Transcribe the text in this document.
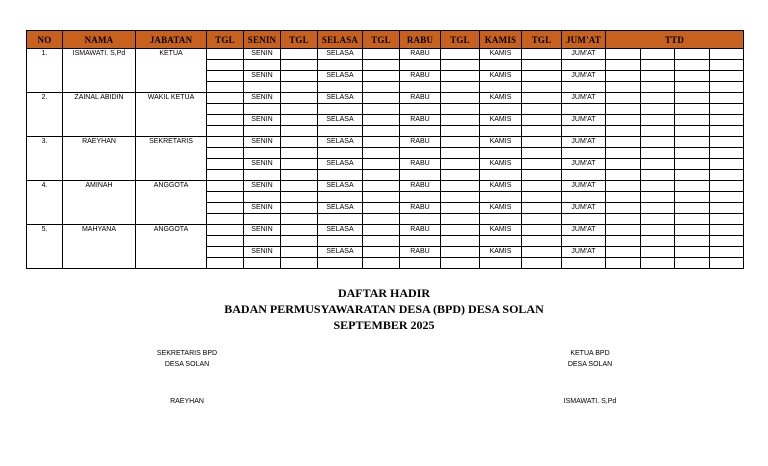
NO	NAMA	JABATAN	TGL	SENIN	TGL	SELASA	TGL	RABU	TGL	KAMIS	TGL	JUM'AT	TTD			
1.	ISMAWATI. S,Pd	KETUA		SENIN		SELASA		RABU		KAMIS		JUM'AT				

				SENIN		SELASA		RABU		KAMIS		JUM'AT				

2.	ZAINAL ABIDIN	WAKIL KETUA		SENIN		SELASA		RABU		KAMIS		JUM'AT				

				SENIN		SELASA		RABU		KAMIS		JUM'AT				

3.	RAEYHAN	SEKRETARIS		SENIN		SELASA		RABU		KAMIS		JUM'AT				

				SENIN		SELASA		RABU		KAMIS		JUM'AT				

4.	AMINAH	ANGGOTA		SENIN		SELASA		RABU		KAMIS		JUM'AT				

				SENIN		SELASA		RABU		KAMIS		JUM'AT				

5.	MAHYANA	ANGGOTA		SENIN		SELASA		RABU		KAMIS		JUM'AT				

				SENIN		SELASA		RABU		KAMIS		JUM'AT				

DAFTAR HADIR
BADAN PERMUSYAWARATAN DESA (BPD) DESA SOLAN
SEPTEMBER 2025
SEKRETARIS BPD
DESA SOLAN
RAEYHAN
KETUA BPD
DESA SOLAN
ISMAWATI. S,Pd
